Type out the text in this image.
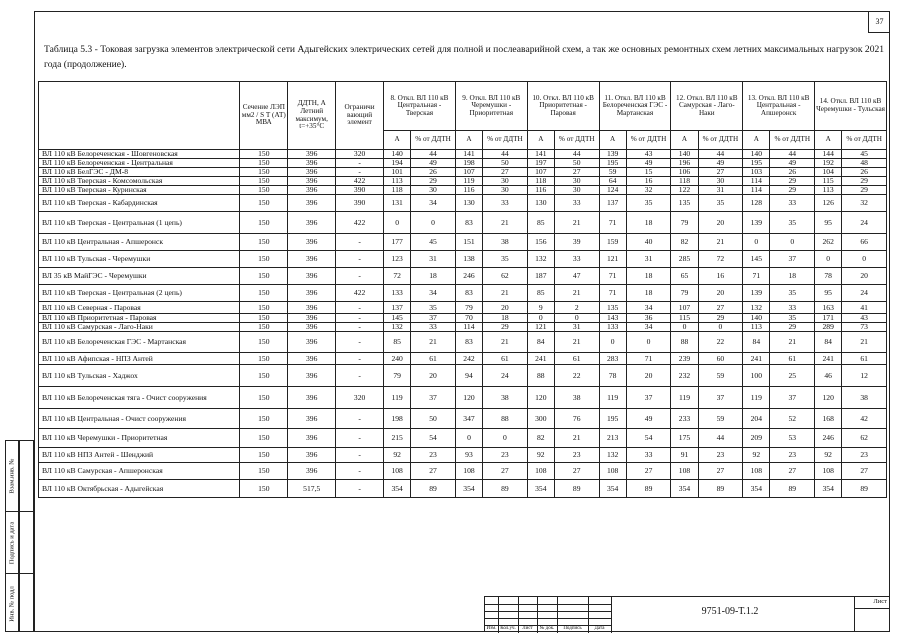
37
Таблица 5.3 - Токовая загрузка элементов электрической сети Адыгейских электрических сетей для полной и послеаварийной схем, а так же основных ремонтных схем летних максимальных нагрузок 2021 года (продолжение).
	Сечение ЛЭП мм2 / S Т (АТ) МВА	ДДТН, А Летний максимум, t=+35°С	Ограничи вающий элемент	8. Откл. ВЛ 110 кВ Центральная - Тверская		9. Откл. ВЛ 110 кВ Черемушки - Приоритетная		10. Откл. ВЛ 110 кВ Приоритетная - Паровая		11. Откл. ВЛ 110 кВ Белореченская ГЭС - Мартанская		12. Откл. ВЛ 110 кВ Самурская - Лаго-Наки		13. Откл. ВЛ 110 кВ Центральная - Апшеронск		14. Откл. ВЛ 110 кВ Черемушки - Тульская	
				А	% от ДДТН	А	% от ДДТН	А	% от ДДТН	А	% от ДДТН	А	% от ДДТН	А	% от ДДТН	А	% от ДДТН
ВЛ 110 кВ Белореченская - Шовгеновская	150	396	320	140	44	141	44	141	44	139	43	140	44	140	44	144	45
ВЛ 110 кВ Белореченская - Центральная	150	396	-	194	49	198	50	197	50	195	49	196	49	195	49	192	48
ВЛ 110 кВ БелГЭС - ДМ-8	150	396	-	101	26	107	27	107	27	59	15	106	27	103	26	104	26
ВЛ 110 кВ Тверская - Комсомольская	150	396	422	113	29	119	30	118	30	64	16	118	30	114	29	115	29
ВЛ 110 кВ Тверская - Куринская	150	396	390	118	30	116	30	116	30	124	32	122	31	114	29	113	29
ВЛ 110 кВ Тверская - Кабардинская	150	396	390	131	34	130	33	130	33	137	35	135	35	128	33	126	32
ВЛ 110 кВ Тверская - Центральная (1 цепь)	150	396	422	0	0	83	21	85	21	71	18	79	20	139	35	95	24
ВЛ 110 кВ Центральная - Апшеронск	150	396	-	177	45	151	38	156	39	159	40	82	21	0	0	262	66
ВЛ 110 кВ Тульская - Черемушки	150	396	-	123	31	138	35	132	33	121	31	285	72	145	37	0	0
ВЛ 35 кВ МайГЭС - Черемушки	150	396	-	72	18	246	62	187	47	71	18	65	16	71	18	78	20
ВЛ 110 кВ Тверская - Центральная (2 цепь)	150	396	422	133	34	83	21	85	21	71	18	79	20	139	35	95	24
ВЛ 110 кВ Северная - Паровая	150	396	-	137	35	79	20	9	2	135	34	107	27	132	33	163	41
ВЛ 110 кВ Приоритетная - Паровая	150	396	-	145	37	70	18	0	0	143	36	115	29	140	35	171	43
ВЛ 110 кВ Самурская - Лаго-Наки	150	396	-	132	33	114	29	121	31	133	34	0	0	113	29	289	73
ВЛ 110 кВ Белореченская ГЭС - Мартанская	150	396	-	85	21	83	21	84	21	0	0	88	22	84	21	84	21
ВЛ 110 кВ Афипская - НПЗ Антей	150	396	-	240	61	242	61	241	61	283	71	239	60	241	61	241	61
ВЛ 110 кВ Тульская - Хаджох	150	396	-	79	20	94	24	88	22	78	20	232	59	100	25	46	12
ВЛ 110 кВ Белореченская тяга - Очист сооружения	150	396	320	119	37	120	38	120	38	119	37	119	37	119	37	120	38
ВЛ 110 кВ Центральная - Очист сооружения	150	396	-	198	50	347	88	300	76	195	49	233	59	204	52	168	42
ВЛ 110 кВ Черемушки - Приоритетная	150	396	-	215	54	0	0	82	21	213	54	175	44	209	53	246	62
ВЛ 110 кВ НПЗ Антей - Шенджий	150	396	-	92	23	93	23	92	23	132	33	91	23	92	23	92	23
ВЛ 110 кВ Самурская - Апшеронская	150	396	-	108	27	108	27	108	27	108	27	108	27	108	27	108	27
ВЛ 110 кВ Октябрьская - Адыгейская	150	517,5	-	354	89	354	89	354	89	354	89	354	89	354	89	354	89
Взам.инв. №
Подпись и дата
Инв. № подл
Изм. Кол.уч.	Лист	№ док.	Подпись	Дата
9751-09-Т.1.2
Лист
